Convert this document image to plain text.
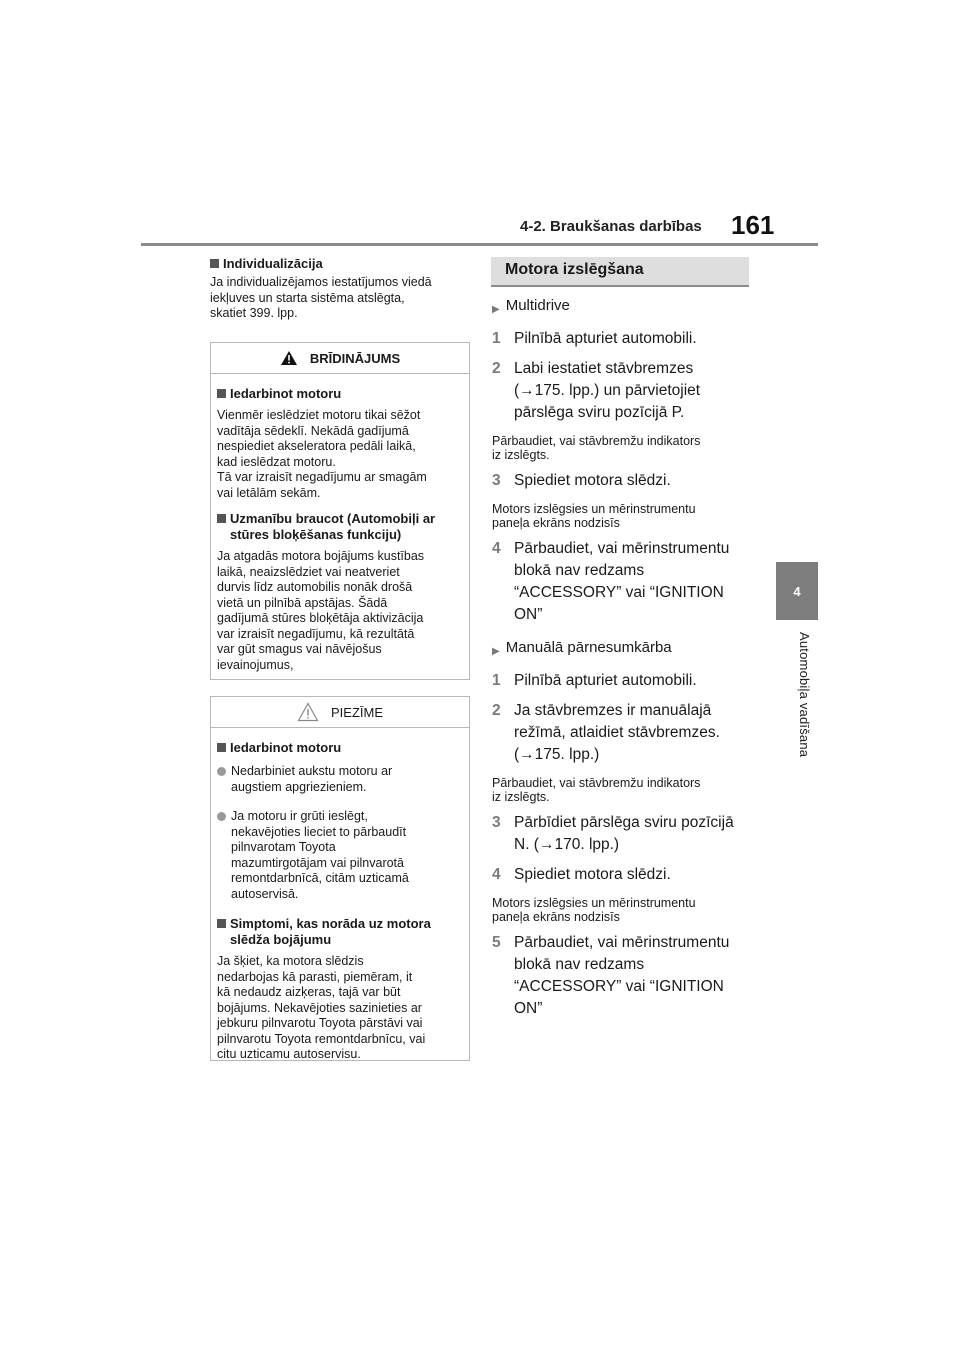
4-2. Braukšanas darbības 161
4
Automobiļa vadīšana
Individualizācija

Ja individualizējamos iestatījumos viedā
iekļuves un starta sistēma atslēgta,
skatiet 399. lpp.

BRĪDINĀJUMS
Iedarbinot motoru

Vienmēr ieslēdziet motoru tikai sēžot
vadītāja sēdeklī. Nekādā gadījumā
nespiediet akseleratora pedāli laikā,
kad ieslēdzat motoru.
Tā var izraisīt negadījumu ar smagām
vai letālām sekām.

Uzmanību braucot (Automobiļi ar
stūres bloķēšanas funkciju)

Ja atgadās motora bojājums kustības
laikā, neaizslēdziet vai neatveriet
durvis līdz automobilis nonāk drošā
vietā un pilnībā apstājas. Šādā
gadījumā stūres bloķētāja aktivizācija
var izraisīt negadījumu, kā rezultātā
var gūt smagus vai nāvējošus
ievainojumus,

PIEZĪME
Iedarbinot motoru
Nedarbiniet aukstu motoru ar
augstiem apgriezieniem.
Ja motoru ir grūti ieslēgt,
nekavējoties lieciet to pārbaudīt
pilnvarotam Toyota
mazumtirgotājam vai pilnvarotā
remontdarbnīcā, citām uzticamā
autoservisā.
Simptomi, kas norāda uz motora
slēdža bojājumu

Ja šķiet, ka motora slēdzis
nedarbojas kā parasti, piemēram, it
kā nedaudz aizķeras, tajā var būt
bojājums. Nekavējoties sazinieties ar
jebkuru pilnvarotu Toyota pārstāvi vai
pilnvarotu Toyota remontdarbnīcu, vai
citu uzticamu autoservisu.

Motora izslēgšana
▶ Multidrive
1 Pilnībā apturiet automobili.
2 Labi iestatiet stāvbremzes
(→175. lpp.) un pārvietojiet
pārslēga sviru pozīcijā P.

Pārbaudiet, vai stāvbremžu indikators
iz izslēgts.

3 Spiediet motora slēdzi.

Motors izslēgsies un mērinstrumentu
paneļa ekrāns nodzisīs

4 Pārbaudiet, vai mērinstrumentu
blokā nav redzams
“ACCESSORY” vai “IGNITION
ON”
▶ Manuālā pārnesumkārba
1 Pilnībā apturiet automobili.
2 Ja stāvbremzes ir manuālajā
režīmā, atlaidiet stāvbremzes.
(→175. lpp.)

Pārbaudiet, vai stāvbremžu indikators
iz izslēgts.

3 Pārbīdiet pārslēga sviru pozīcijā
N. (→170. lpp.)
4 Spiediet motora slēdzi.

Motors izslēgsies un mērinstrumentu
paneļa ekrāns nodzisīs

5 Pārbaudiet, vai mērinstrumentu
blokā nav redzams
“ACCESSORY” vai “IGNITION
ON”
